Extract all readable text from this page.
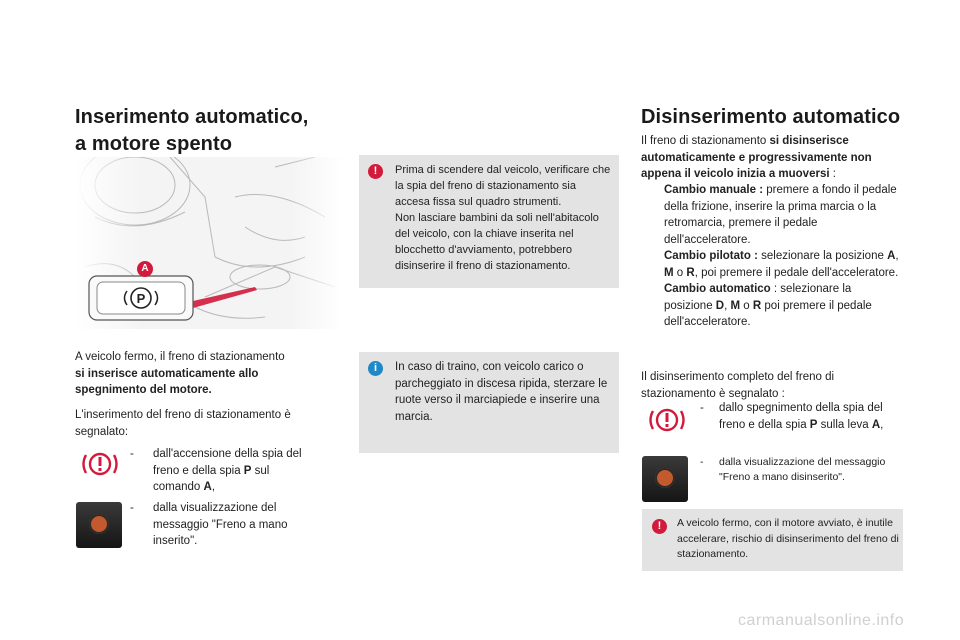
Inserimento automatico,
a motore spento
P
A
A veicolo fermo, il freno di stazionamento
si inserisce automaticamente allo spegnimento del motore.
L'inserimento del freno di stazionamento è segnalato:
- dall'accensione della spia del freno e della spia P sul comando A,
- dalla visualizzazione del messaggio "Freno a mano inserito".
!	Prima di scendere dal veicolo, verificare che la spia del freno di stazionamento sia accesa fissa sul quadro strumenti.
Non lasciare bambini da soli nell'abitacolo del veicolo, con la chiave inserita nel blocchetto d'avviamento, potrebbero disinserire il freno di stazionamento.
i	In caso di traino, con veicolo carico o parcheggiato in discesa ripida, sterzare le ruote verso il marciapiede e inserire una marcia.
Disinserimento automatico
Il freno di stazionamento si disinserisce automaticamente e progressivamente non appena il veicolo inizia a muoversi :
Cambio manuale : premere a fondo il pedale della frizione, inserire la prima marcia o la retromarcia, premere il pedale dell'acceleratore.
Cambio pilotato : selezionare la posizione A, M o R, poi premere il pedale dell'acceleratore.
Cambio automatico : selezionare la posizione D, M o R poi premere il pedale dell'acceleratore.
Il disinserimento completo del freno di stazionamento è segnalato :
- dallo spegnimento della spia del freno e della spia P sulla leva A,
- dalla visualizzazione del messaggio "Freno a mano disinserito".
!	A veicolo fermo, con il motore avviato, è inutile accelerare, rischio di disinserimento del freno di stazionamento.
carmanualsonline.info
